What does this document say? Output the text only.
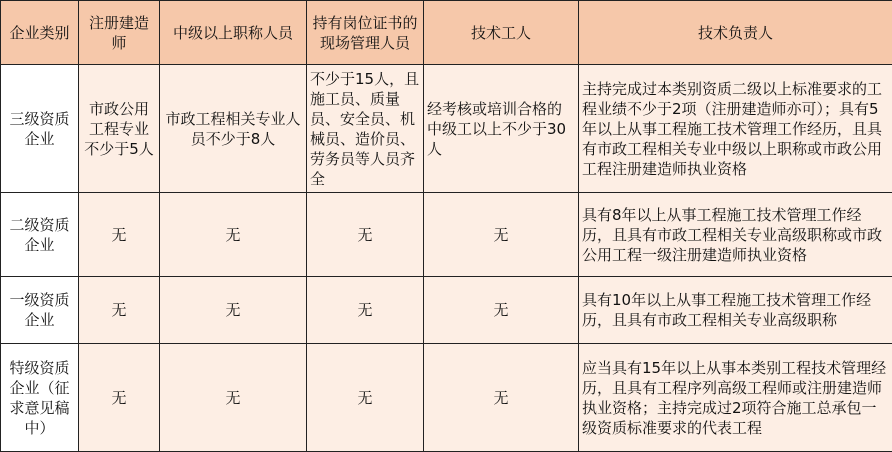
企业类别	注册建造师	中级以上职称人员	持有岗位证书的现场管理人员	技术工人	技术负责人
三级资质企业	市政公用工程专业不少于5人	市政工程相关专业人员不少于8人	不少于15人，且施工员、质量员、安全员、机械员、造价员、劳务员等人员齐全	经考核或培训合格的中级工以上不少于30人	主持完成过本类别资质二级以上标准要求的工程业绩不少于2项（注册建造师亦可）；具有5年以上从事工程施工技术管理工作经历，且具有市政工程相关专业中级以上职称或市政公用工程注册建造师执业资格
二级资质企业	无	无	无	无	具有8年以上从事工程施工技术管理工作经历，且具有市政工程相关专业高级职称或市政公用工程一级注册建造师执业资格
一级资质企业	无	无	无	无	具有10年以上从事工程施工技术管理工作经历，且具有市政工程相关专业高级职称
特级资质企业（征求意见稿中）	无	无	无	无	应当具有15年以上从事本类别工程技术管理经历，且具有工程序列高级工程师或注册建造师执业资格；主持完成过2项符合施工总承包一级资质标准要求的代表工程
